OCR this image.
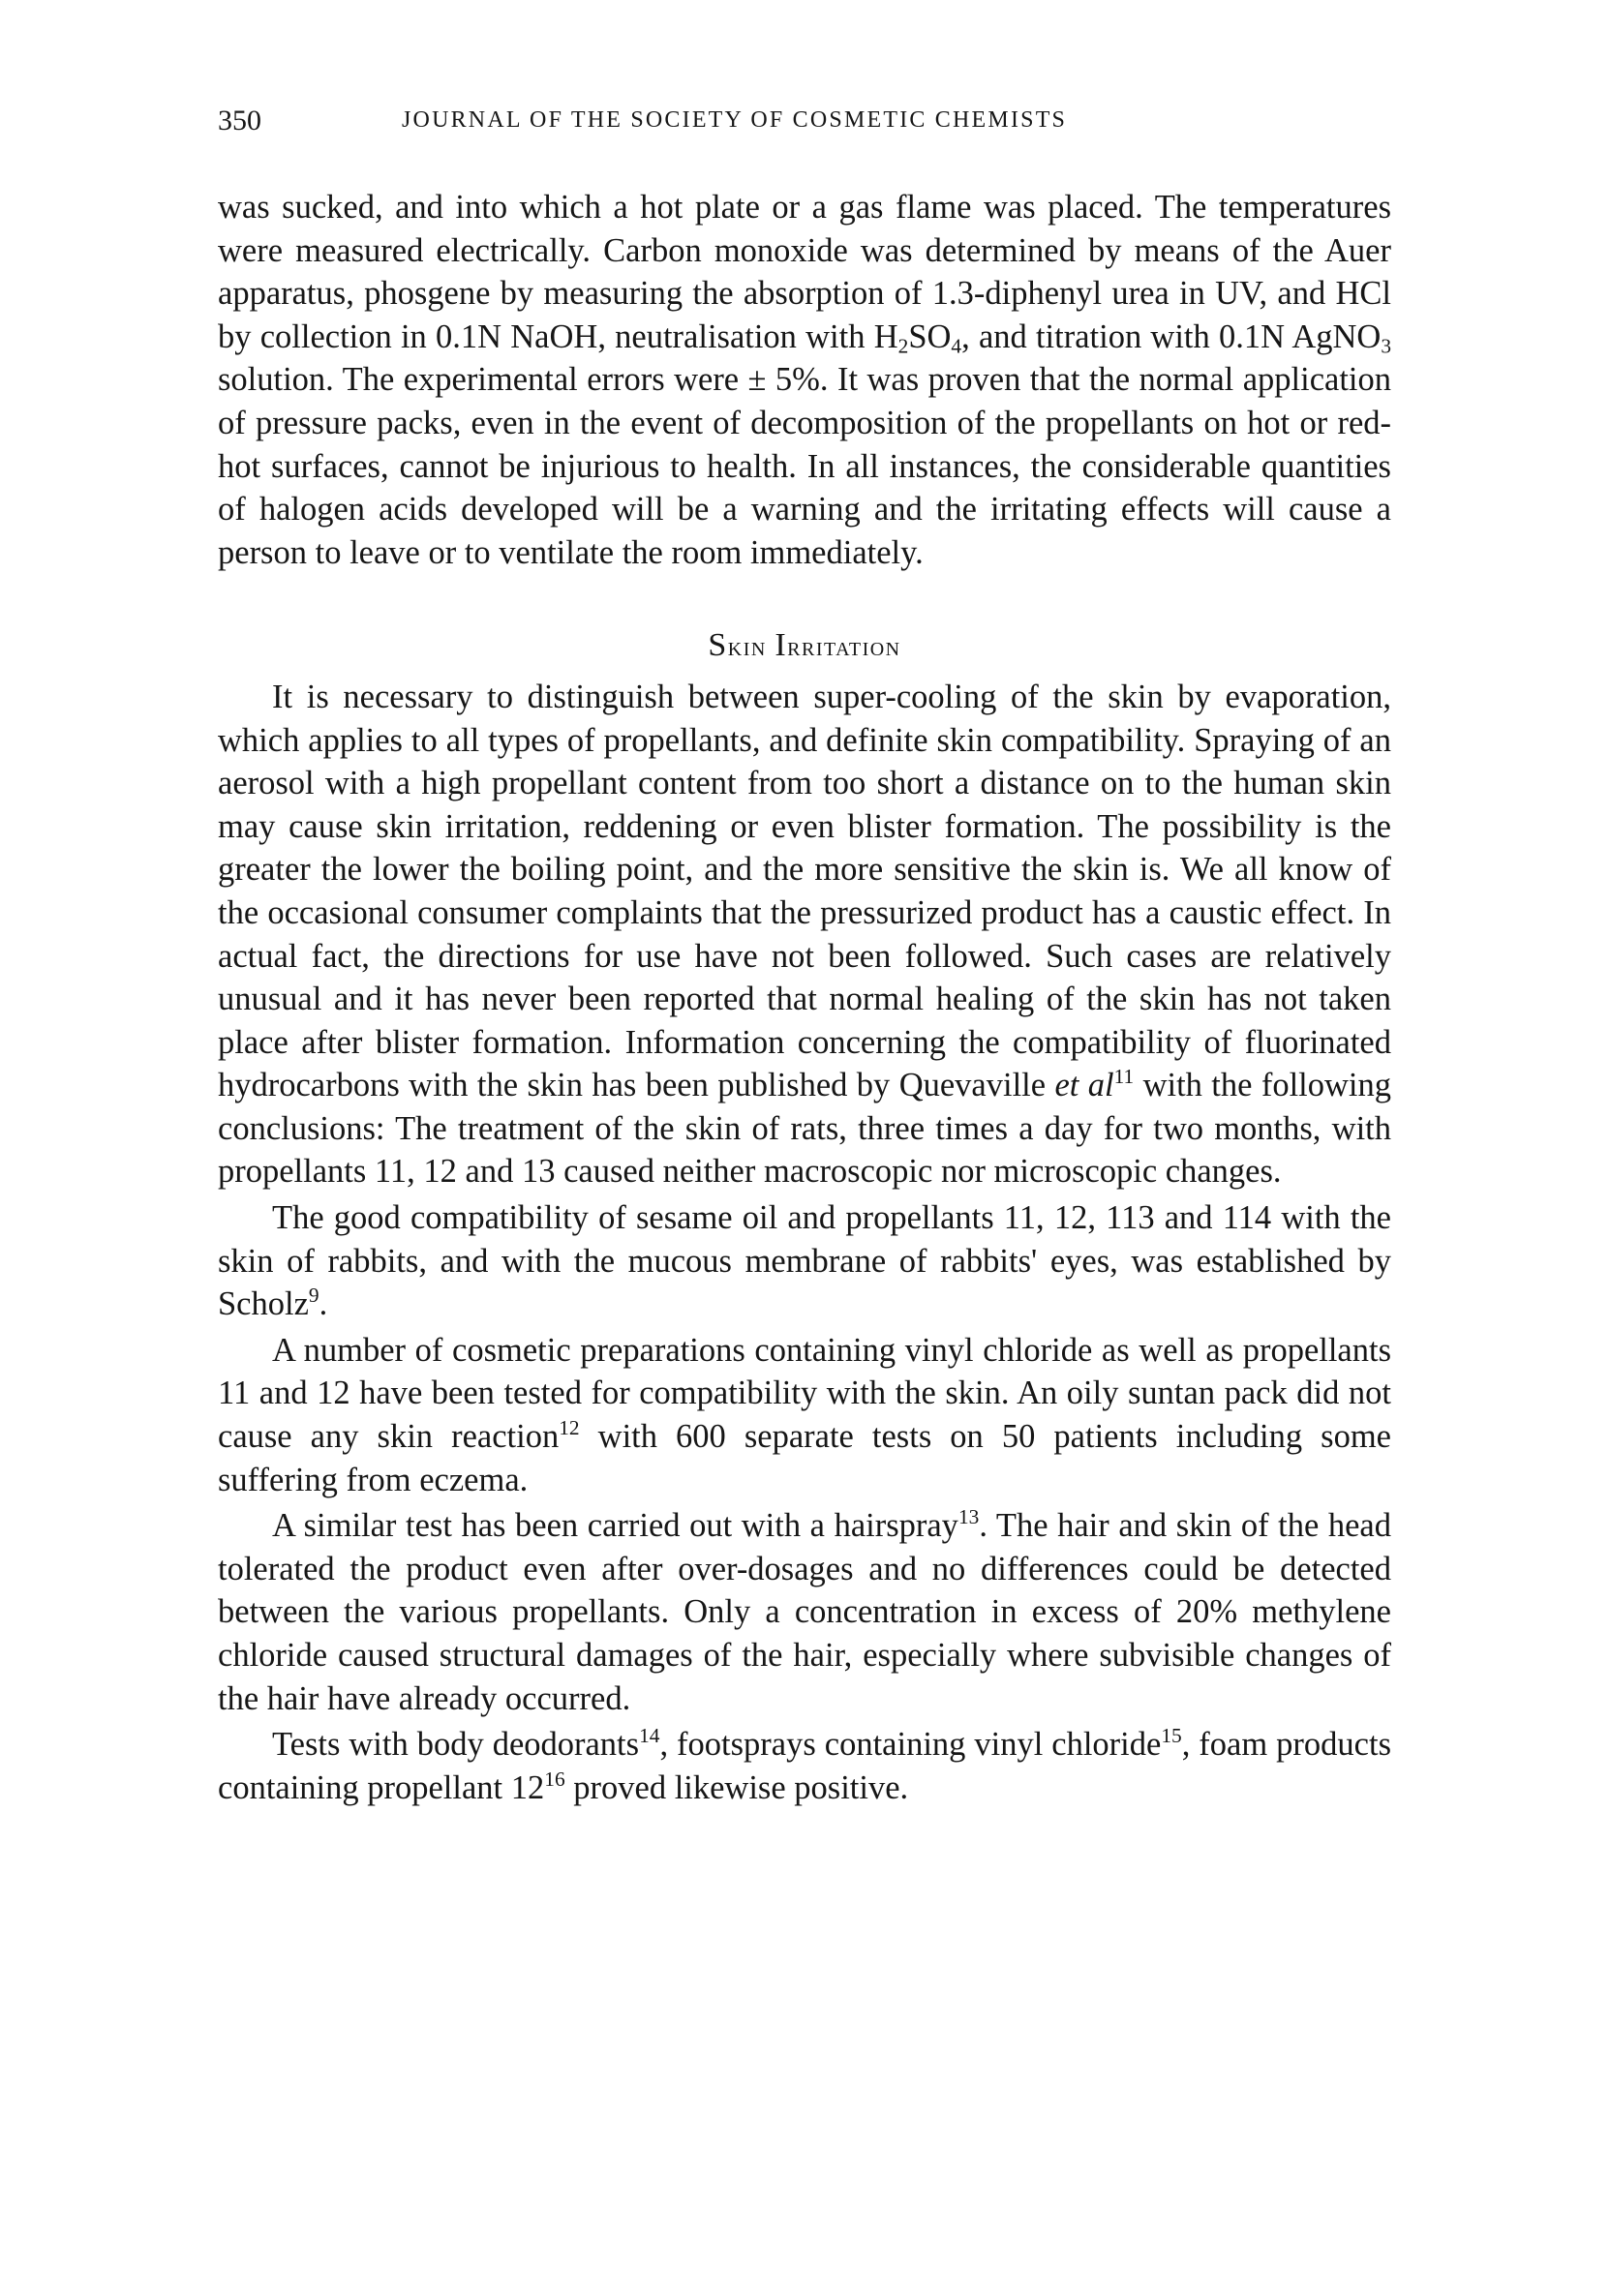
350	JOURNAL OF THE SOCIETY OF COSMETIC CHEMISTS

was sucked, and into which a hot plate or a gas flame was placed. The temperatures were measured electrically. Carbon monoxide was determined by means of the Auer apparatus, phosgene by measuring the absorption of 1.3-diphenyl urea in UV, and HCl by collection in 0.1N NaOH, neutralisation with $H_2SO_4$, and titration with 0.1N AgNO$_3$ solution. The experimental errors were ± 5%. It was proven that the normal application of pressure packs, even in the event of decomposition of the propellants on hot or red-hot surfaces, cannot be injurious to health. In all instances, the considerable quantities of halogen acids developed will be a warning and the irritating effects will cause a person to leave or to ventilate the room immediately.

Skin Irritation

It is necessary to distinguish between super-cooling of the skin by evaporation, which applies to all types of propellants, and definite skin compatibility. Spraying of an aerosol with a high propellant content from too short a distance on to the human skin may cause skin irritation, reddening or even blister formation. The possibility is the greater the lower the boiling point, and the more sensitive the skin is. We all know of the occasional consumer complaints that the pressurized product has a caustic effect. In actual fact, the directions for use have not been followed. Such cases are relatively unusual and it has never been reported that normal healing of the skin has not taken place after blister formation. Information concerning the compatibility of fluorinated hydrocarbons with the skin has been published by Quevaville et $al^{11}$ with the following conclusions: The treatment of the skin of rats, three times a day for two months, with propellants 11, 12 and 13 caused neither macroscopic nor microscopic changes.

The good compatibility of sesame oil and propellants 11, 12, 113 and 114 with the skin of rabbits, and with the mucous membrane of rabbits' eyes, was established by Scholz$^9$.

A number of cosmetic preparations containing vinyl chloride as well as propellants 11 and 12 have been tested for compatibility with the skin. An oily suntan pack did not cause any skin reaction$^{12}$ with 600 separate tests on 50 patients including some suffering from eczema.

A similar test has been carried out with a hairspray$^{13}$. The hair and skin of the head tolerated the product even after over-dosages and no differences could be detected between the various propellants. Only a concentration in excess of 20% methylene chloride caused structural damages of the hair, especially where subvisible changes of the hair have already occurred.

Tests with body deodorants$^{14}$, footsprays containing vinyl chloride$^{15}$, foam products containing propellant $12^{16}$ proved likewise positive.
